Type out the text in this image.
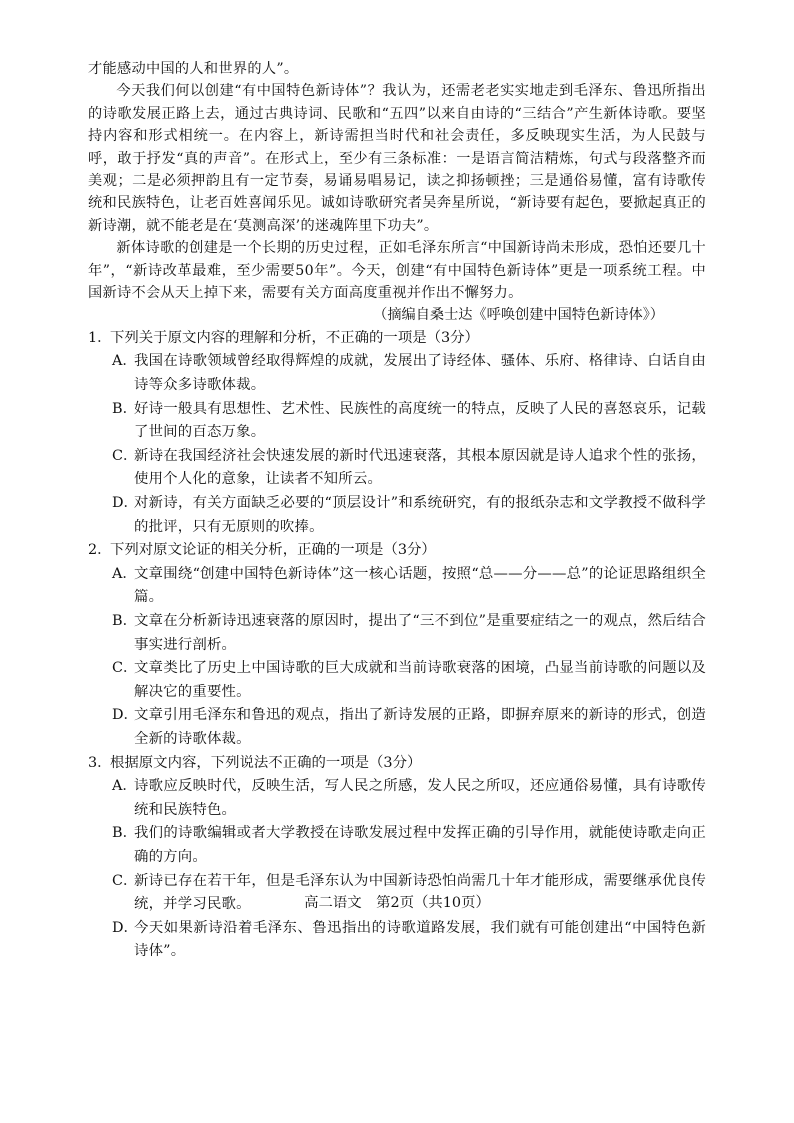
才能感动中国的人和世界的人”。

今天我们何以创建“有中国特色新诗体”？我认为，还需老老实实地走到毛泽东、鲁迅所指出的诗歌发展正路上去，通过古典诗词、民歌和“五四”以来自由诗的“三结合”产生新体诗歌。要坚持内容和形式相统一。在内容上，新诗需担当时代和社会责任，多反映现实生活，为人民鼓与呼，敢于抒发“真的声音”。在形式上，至少有三条标准：一是语言简洁精炼，句式与段落整齐而美观；二是必须押韵且有一定节奏，易诵易唱易记，读之抑扬顿挫；三是通俗易懂，富有诗歌传统和民族特色，让老百姓喜闻乐见。诚如诗歌研究者吴奔星所说，“新诗要有起色，要掀起真正的新诗潮，就不能老是在‘莫测高深’的迷魂阵里下功夫”。

新体诗歌的创建是一个长期的历史过程，正如毛泽东所言“中国新诗尚未形成，恐怕还要几十年”，“新诗改革最难，至少需要50年”。今天，创建“有中国特色新诗体”更是一项系统工程。中国新诗不会从天上掉下来，需要有关方面高度重视并作出不懈努力。

（摘编自桑士达《呼唤创建中国特色新诗体》）

1．
下列关于原文内容的理解和分析，不正确的一项是（3分）

A．
我国在诗歌领域曾经取得辉煌的成就，发展出了诗经体、骚体、乐府、格律诗、白话自由诗等众多诗歌体裁。
B．
好诗一般具有思想性、艺术性、民族性的高度统一的特点，反映了人民的喜怒哀乐，记载了世间的百态万象。
C．
新诗在我国经济社会快速发展的新时代迅速衰落，其根本原因就是诗人追求个性的张扬，使用个人化的意象，让读者不知所云。
D．
对新诗，有关方面缺乏必要的“顶层设计”和系统研究，有的报纸杂志和文学教授不做科学的批评，只有无原则的吹捧。

2．
下列对原文论证的相关分析，正确的一项是（3分）

A．
文章围绕“创建中国特色新诗体”这一核心话题，按照“总——分——总”的论证思路组织全篇。
B．
文章在分析新诗迅速衰落的原因时，提出了“三不到位”是重要症结之一的观点，然后结合事实进行剖析。
C．
文章类比了历史上中国诗歌的巨大成就和当前诗歌衰落的困境，凸显当前诗歌的问题以及解决它的重要性。
D．
文章引用毛泽东和鲁迅的观点，指出了新诗发展的正路，即摒弃原来的新诗的形式，创造全新的诗歌体裁。

3．
根据原文内容，下列说法不正确的一项是（3分）

A．
诗歌应反映时代，反映生活，写人民之所感，发人民之所叹，还应通俗易懂，具有诗歌传统和民族特色。
B．
我们的诗歌编辑或者大学教授在诗歌发展过程中发挥正确的引导作用，就能使诗歌走向正确的方向。
C．
新诗已存在若干年，但是毛泽东认为中国新诗恐怕尚需几十年才能形成，需要继承优良传统，并学习民歌。
D．
今天如果新诗沿着毛泽东、鲁迅指出的诗歌道路发展，我们就有可能创建出“中国特色新诗体”。
高二语文　第2页（共10页）
